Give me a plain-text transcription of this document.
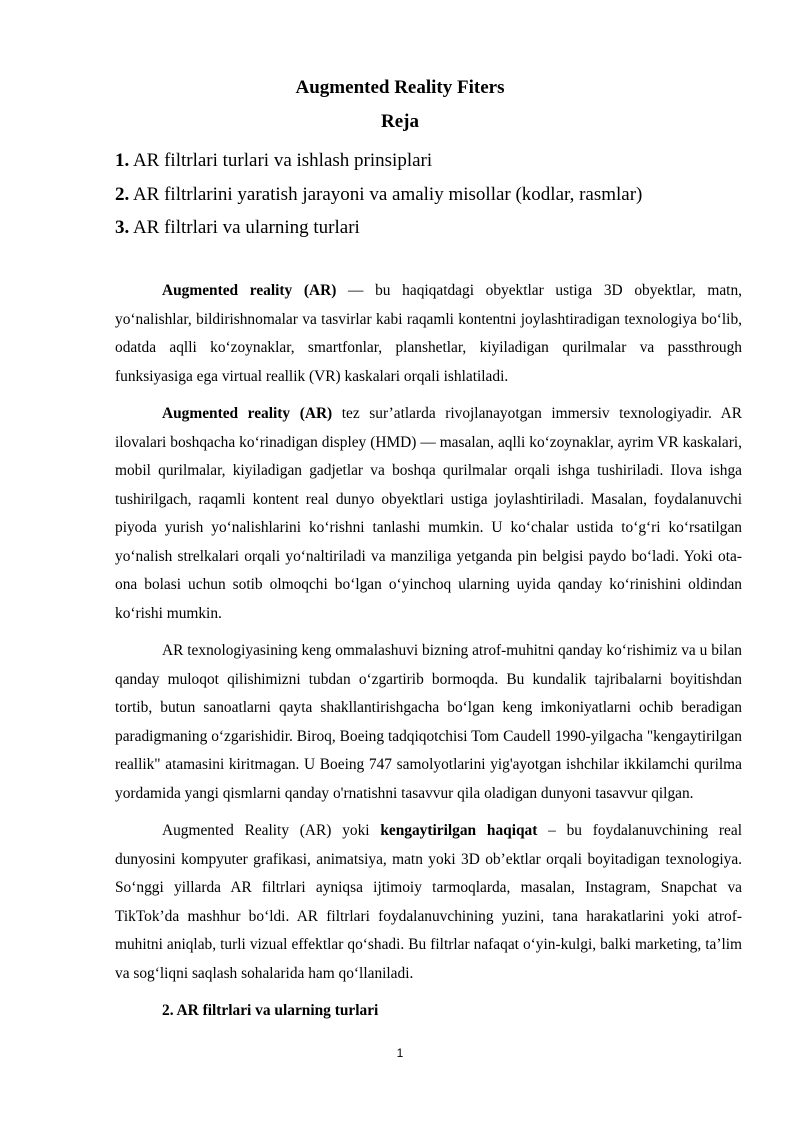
Augmented Reality Fiters
Reja
1. AR filtrlari turlari va ishlash prinsiplari
2. AR filtrlarini yaratish jarayoni va amaliy misollar (kodlar, rasmlar)
3. AR filtrlari va ularning turlari

Augmented reality (AR) — bu haqiqatdagi obyektlar ustiga 3D obyektlar, matn, yo‘nalishlar, bildirishnomalar va tasvirlar kabi raqamli kontentni joylashtiradigan texnologiya bo‘lib, odatda aqlli ko‘zoynaklar, smartfonlar, planshetlar, kiyiladigan qurilmalar va passthrough funksiyasiga ega virtual reallik (VR) kaskalari orqali ishlatiladi.

Augmented reality (AR) tez sur’atlarda rivojlanayotgan immersiv texnologiyadir. AR ilovalari boshqacha ko‘rinadigan displey (HMD) — masalan, aqlli ko‘zoynaklar, ayrim VR kaskalari, mobil qurilmalar, kiyiladigan gadjetlar va boshqa qurilmalar orqali ishga tushiriladi. Ilova ishga tushirilgach, raqamli kontent real dunyo obyektlari ustiga joylashtiriladi. Masalan, foydalanuvchi piyoda yurish yo‘nalishlarini ko‘rishni tanlashi mumkin. U ko‘chalar ustida to‘g‘ri ko‘rsatilgan yo‘nalish strelkalari orqali yo‘naltiriladi va manziliga yetganda pin belgisi paydo bo‘ladi. Yoki ota-ona bolasi uchun sotib olmoqchi bo‘lgan o‘yinchoq ularning uyida qanday ko‘rinishini oldindan ko‘rishi mumkin.

AR texnologiyasining keng ommalashuvi bizning atrof-muhitni qanday ko‘rishimiz va u bilan qanday muloqot qilishimizni tubdan o‘zgartirib bormoqda. Bu kundalik tajribalarni boyitishdan tortib, butun sanoatlarni qayta shakllantirishgacha bo‘lgan keng imkoniyatlarni ochib beradigan paradigmaning o‘zgarishidir. Biroq, Boeing tadqiqotchisi Tom Caudell 1990-yilgacha "kengaytirilgan reallik" atamasini kiritmagan. U Boeing 747 samolyotlarini yig'ayotgan ishchilar ikkilamchi qurilma yordamida yangi qismlarni qanday o'rnatishni tasavvur qila oladigan dunyoni tasavvur qilgan.

Augmented Reality (AR) yoki kengaytirilgan haqiqat – bu foydalanuvchining real dunyosini kompyuter grafikasi, animatsiya, matn yoki 3D ob’ektlar orqali boyitadigan texnologiya. So‘nggi yillarda AR filtrlari ayniqsa ijtimoiy tarmoqlarda, masalan, Instagram, Snapchat va TikTok’da mashhur bo‘ldi. AR filtrlari foydalanuvchining yuzini, tana harakatlarini yoki atrof-muhitni aniqlab, turli vizual effektlar qo‘shadi. Bu filtrlar nafaqat o‘yin-kulgi, balki marketing, ta’lim va sog‘liqni saqlash sohalarida ham qo‘llaniladi.

2. AR filtrlari va ularning turlari
1
